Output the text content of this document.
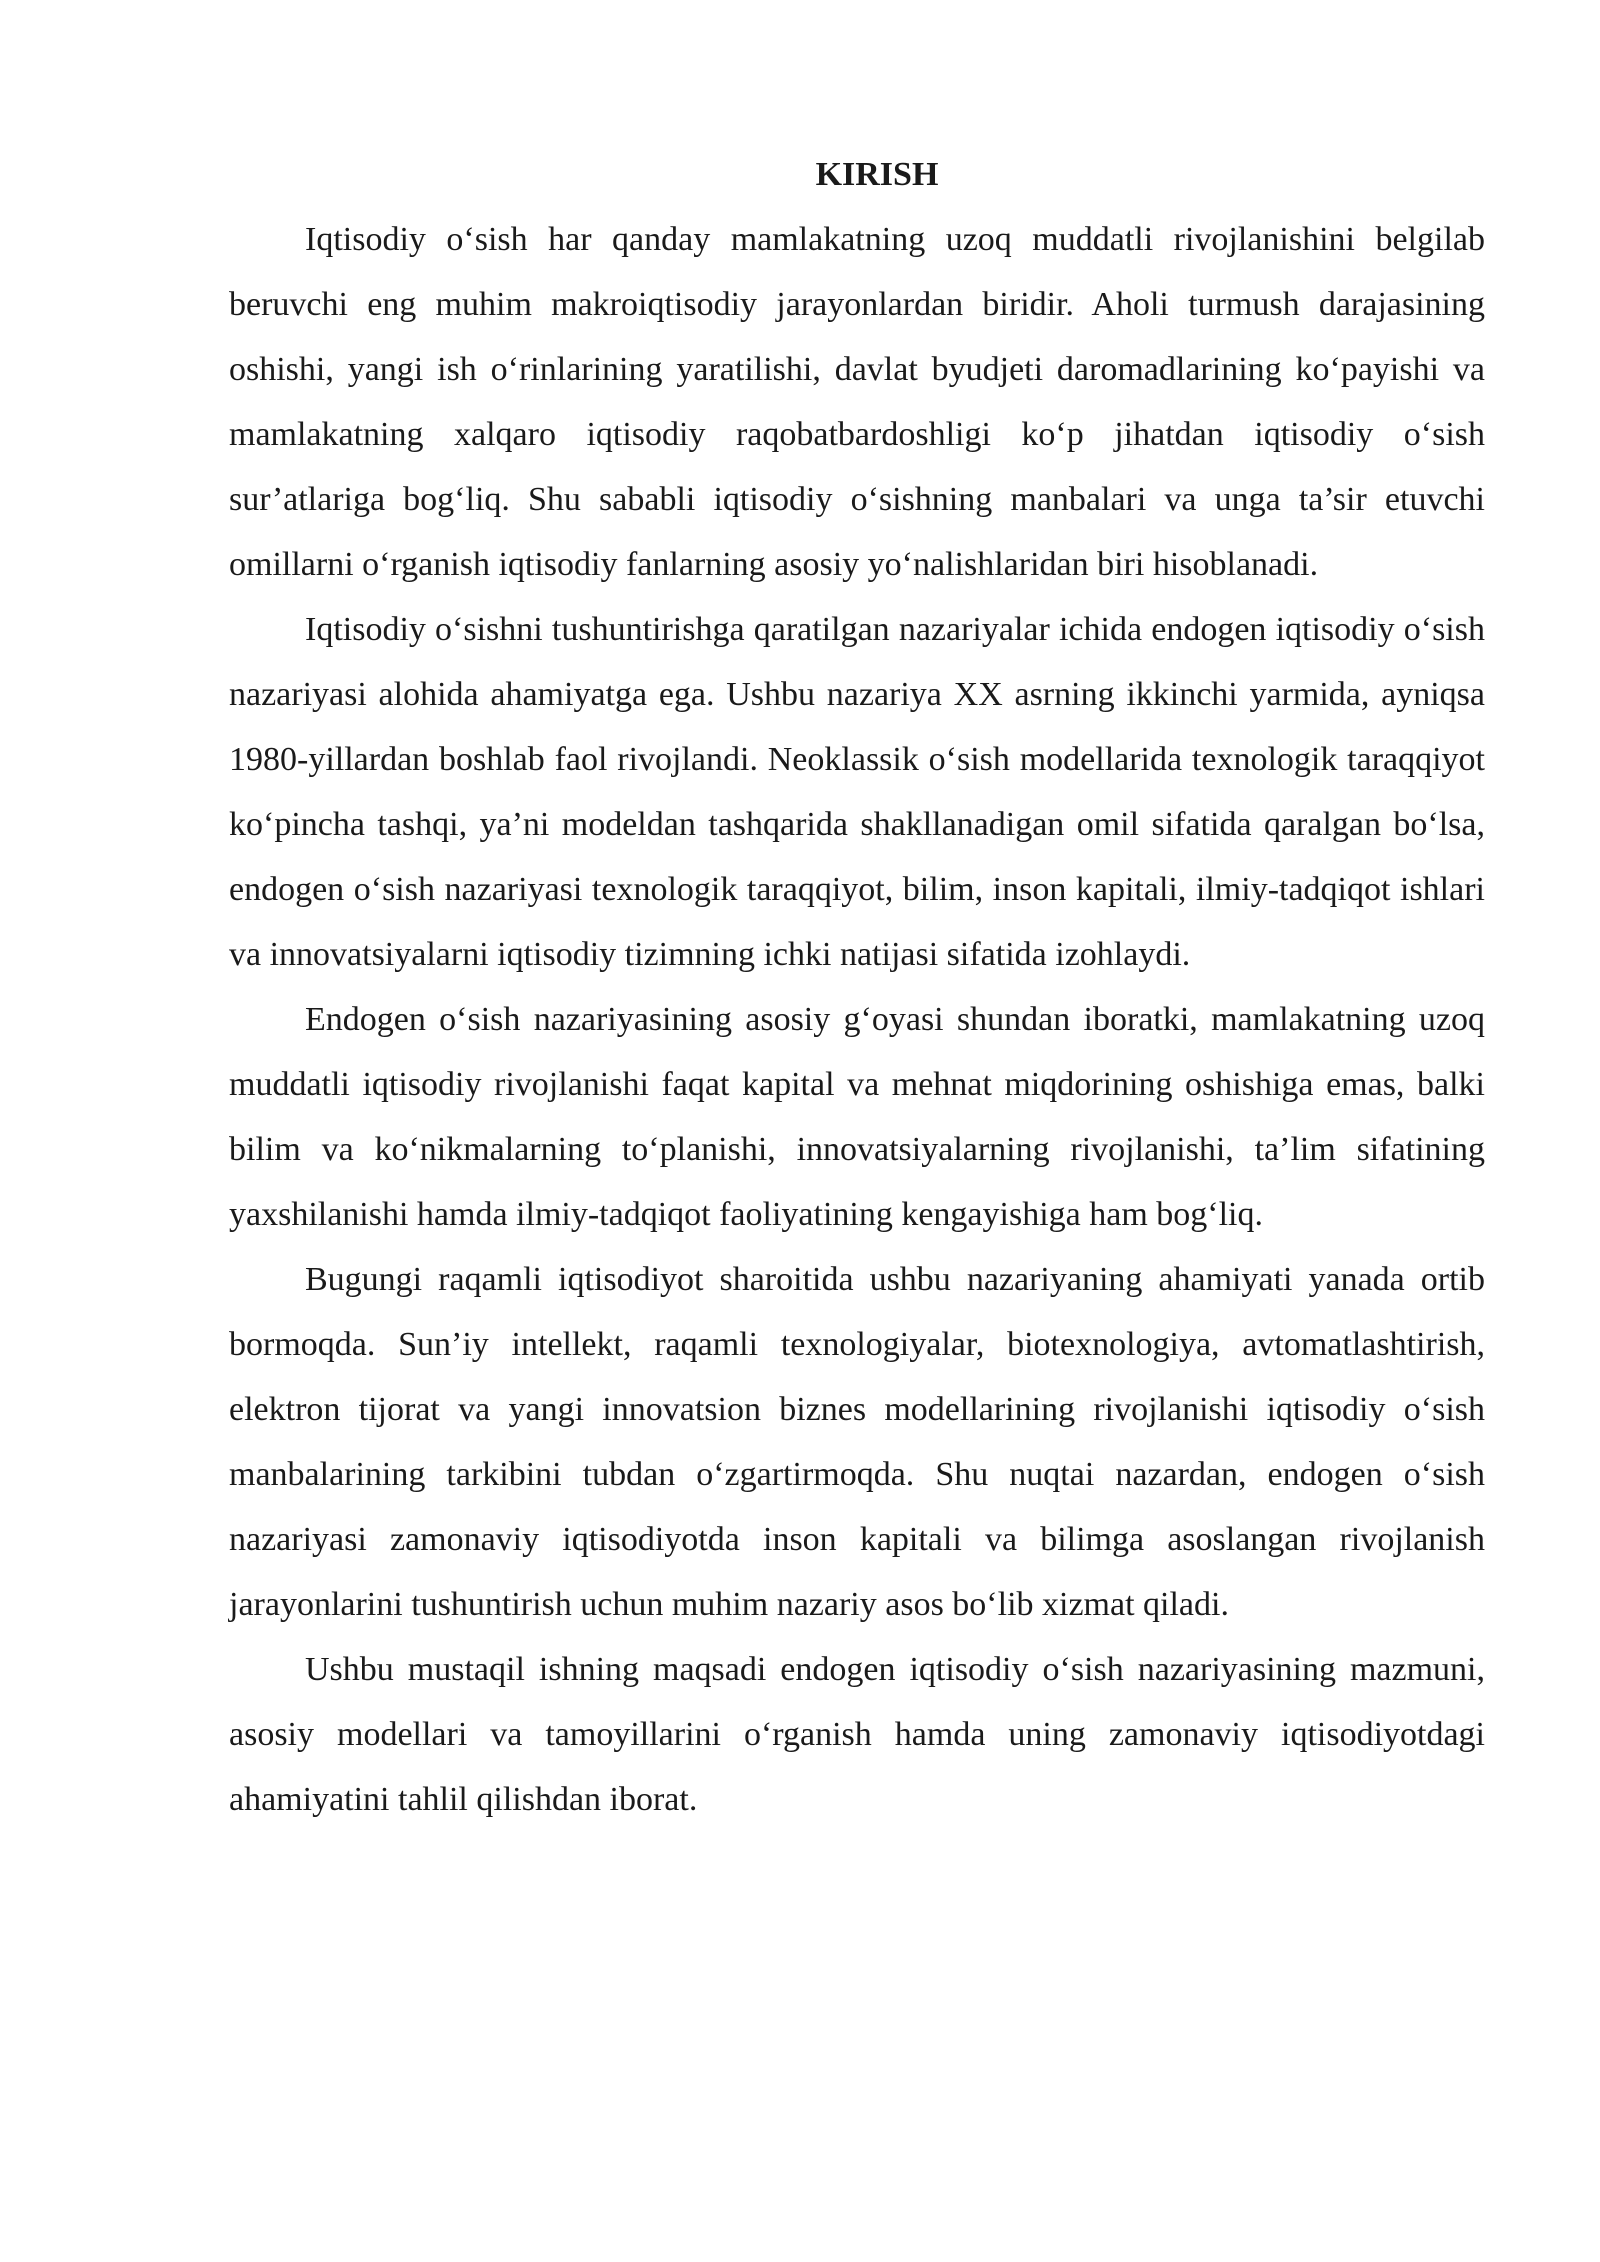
KIRISH

Iqtisodiy o‘sish har qanday mamlakatning uzoq muddatli rivojlanishini belgilab beruvchi eng muhim makroiqtisodiy jarayonlardan biridir. Aholi turmush darajasining oshishi, yangi ish o‘rinlarining yaratilishi, davlat byudjeti daromadlarining ko‘payishi va mamlakatning xalqaro iqtisodiy raqobatbardoshligi ko‘p jihatdan iqtisodiy o‘sish sur’atlariga bog‘liq. Shu sababli iqtisodiy o‘sishning manbalari va unga ta’sir etuvchi omillarni o‘rganish iqtisodiy fanlarning asosiy yo‘nalishlaridan biri hisoblanadi.

Iqtisodiy o‘sishni tushuntirishga qaratilgan nazariyalar ichida endogen iqtisodiy o‘sish nazariyasi alohida ahamiyatga ega. Ushbu nazariya XX asrning ikkinchi yarmida, ayniqsa 1980-yillardan boshlab faol rivojlandi. Neoklassik o‘sish modellarida texnologik taraqqiyot ko‘pincha tashqi, ya’ni modeldan tashqarida shakllanadigan omil sifatida qaralgan bo‘lsa, endogen o‘sish nazariyasi texnologik taraqqiyot, bilim, inson kapitali, ilmiy-tadqiqot ishlari va innovatsiyalarni iqtisodiy tizimning ichki natijasi sifatida izohlaydi.

Endogen o‘sish nazariyasining asosiy g‘oyasi shundan iboratki, mamlakatning uzoq muddatli iqtisodiy rivojlanishi faqat kapital va mehnat miqdorining oshishiga emas, balki bilim va ko‘nikmalarning to‘planishi, innovatsiyalarning rivojlanishi, ta’lim sifatining yaxshilanishi hamda ilmiy-tadqiqot faoliyatining kengayishiga ham bog‘liq.

Bugungi raqamli iqtisodiyot sharoitida ushbu nazariyaning ahamiyati yanada ortib bormoqda. Sun’iy intellekt, raqamli texnologiyalar, biotexnologiya, avtomatlashtirish, elektron tijorat va yangi innovatsion biznes modellarining rivojlanishi iqtisodiy o‘sish manbalarining tarkibini tubdan o‘zgartirmoqda. Shu nuqtai nazardan, endogen o‘sish nazariyasi zamonaviy iqtisodiyotda inson kapitali va bilimga asoslangan rivojlanish jarayonlarini tushuntirish uchun muhim nazariy asos bo‘lib xizmat qiladi.

Ushbu mustaqil ishning maqsadi endogen iqtisodiy o‘sish nazariyasining mazmuni, asosiy modellari va tamoyillarini o‘rganish hamda uning zamonaviy iqtisodiyotdagi ahamiyatini tahlil qilishdan iborat.
